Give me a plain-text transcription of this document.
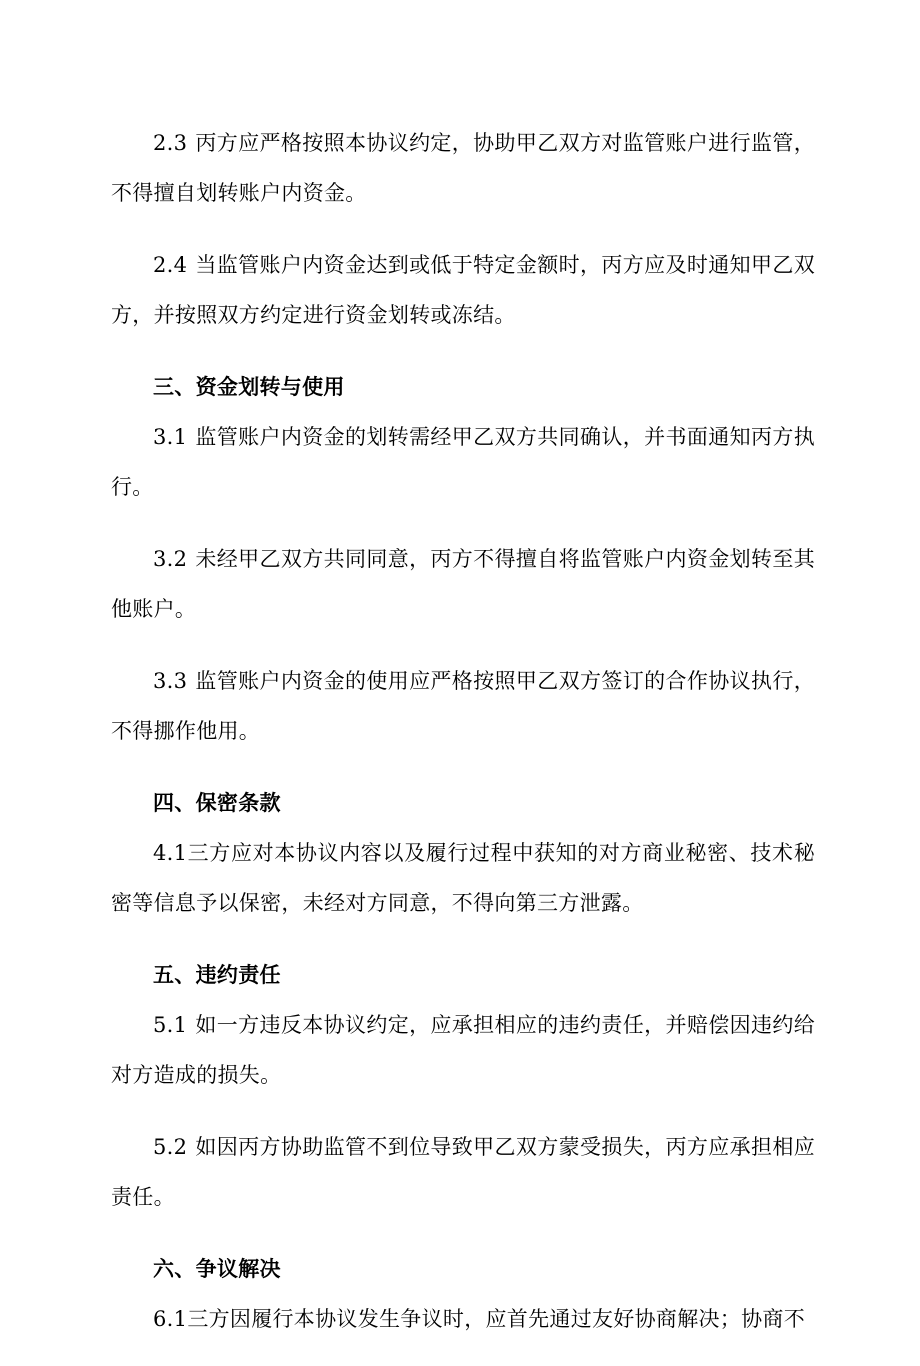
2.3 丙方应严格按照本协议约定，协助甲乙双方对监管账户进行监管，不得擅自划转账户内资金。

2.4 当监管账户内资金达到或低于特定金额时，丙方应及时通知甲乙双方，并按照双方约定进行资金划转或冻结。

三、资金划转与使用

3.1 监管账户内资金的划转需经甲乙双方共同确认，并书面通知丙方执行。

3.2 未经甲乙双方共同同意，丙方不得擅自将监管账户内资金划转至其他账户。

3.3 监管账户内资金的使用应严格按照甲乙双方签订的合作协议执行，不得挪作他用。

四、保密条款

4.1三方应对本协议内容以及履行过程中获知的对方商业秘密、技术秘密等信息予以保密，未经对方同意，不得向第三方泄露。

五、违约责任

5.1 如一方违反本协议约定，应承担相应的违约责任，并赔偿因违约给对方造成的损失。

5.2 如因丙方协助监管不到位导致甲乙双方蒙受损失，丙方应承担相应责任。

六、争议解决

6.1三方因履行本协议发生争议时，应首先通过友好协商解决；协商不
